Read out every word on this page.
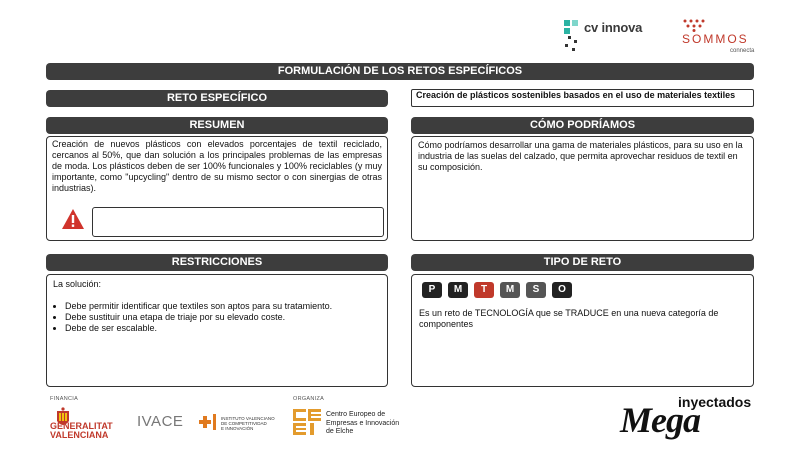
cv innova
SOMMOS
connecta
FORMULACIÓN DE LOS RETOS ESPECÍFICOS
RETO ESPECÍFICO	Creación de plásticos sostenibles basados en el uso de materiales textiles
RESUMEN
Creación de nuevos plásticos con elevados porcentajes de textil reciclado, cercanos al 50%, que dan solución a los principales problemas de las empresas de moda. Los plásticos deben de ser 100% funcionales y 100% reciclables (y muy importante, como "upcycling" dentro de su mismo sector o con sinergias de otras industrias).
CÓMO PODRÍAMOS
Cómo podríamos desarrollar una gama de materiales plásticos, para su uso en la industria de las suelas del calzado, que permita aprovechar residuos de textil en su composición.
RESTRICCIONES
La solución:
• Debe permitir identificar que textiles son aptos para su tratamiento.
• Debe sustituir una etapa de triaje por su elevado coste.
• Debe de ser escalable.
TIPO DE RETO
P	M	T	M	S	O
Es un reto de TECNOLOGÍA que se TRADUCE en una nueva categoría de componentes
FINANCIA	ORGANIZA
GENERALITAT
VALENCIANA
IVACE	INSTITUTO VALENCIANO
DE COMPETITIVIDAD
E INNOVACIÓN
Centro Europeo de
Empresas e Innovación
de Elche
inyectados
Mega
